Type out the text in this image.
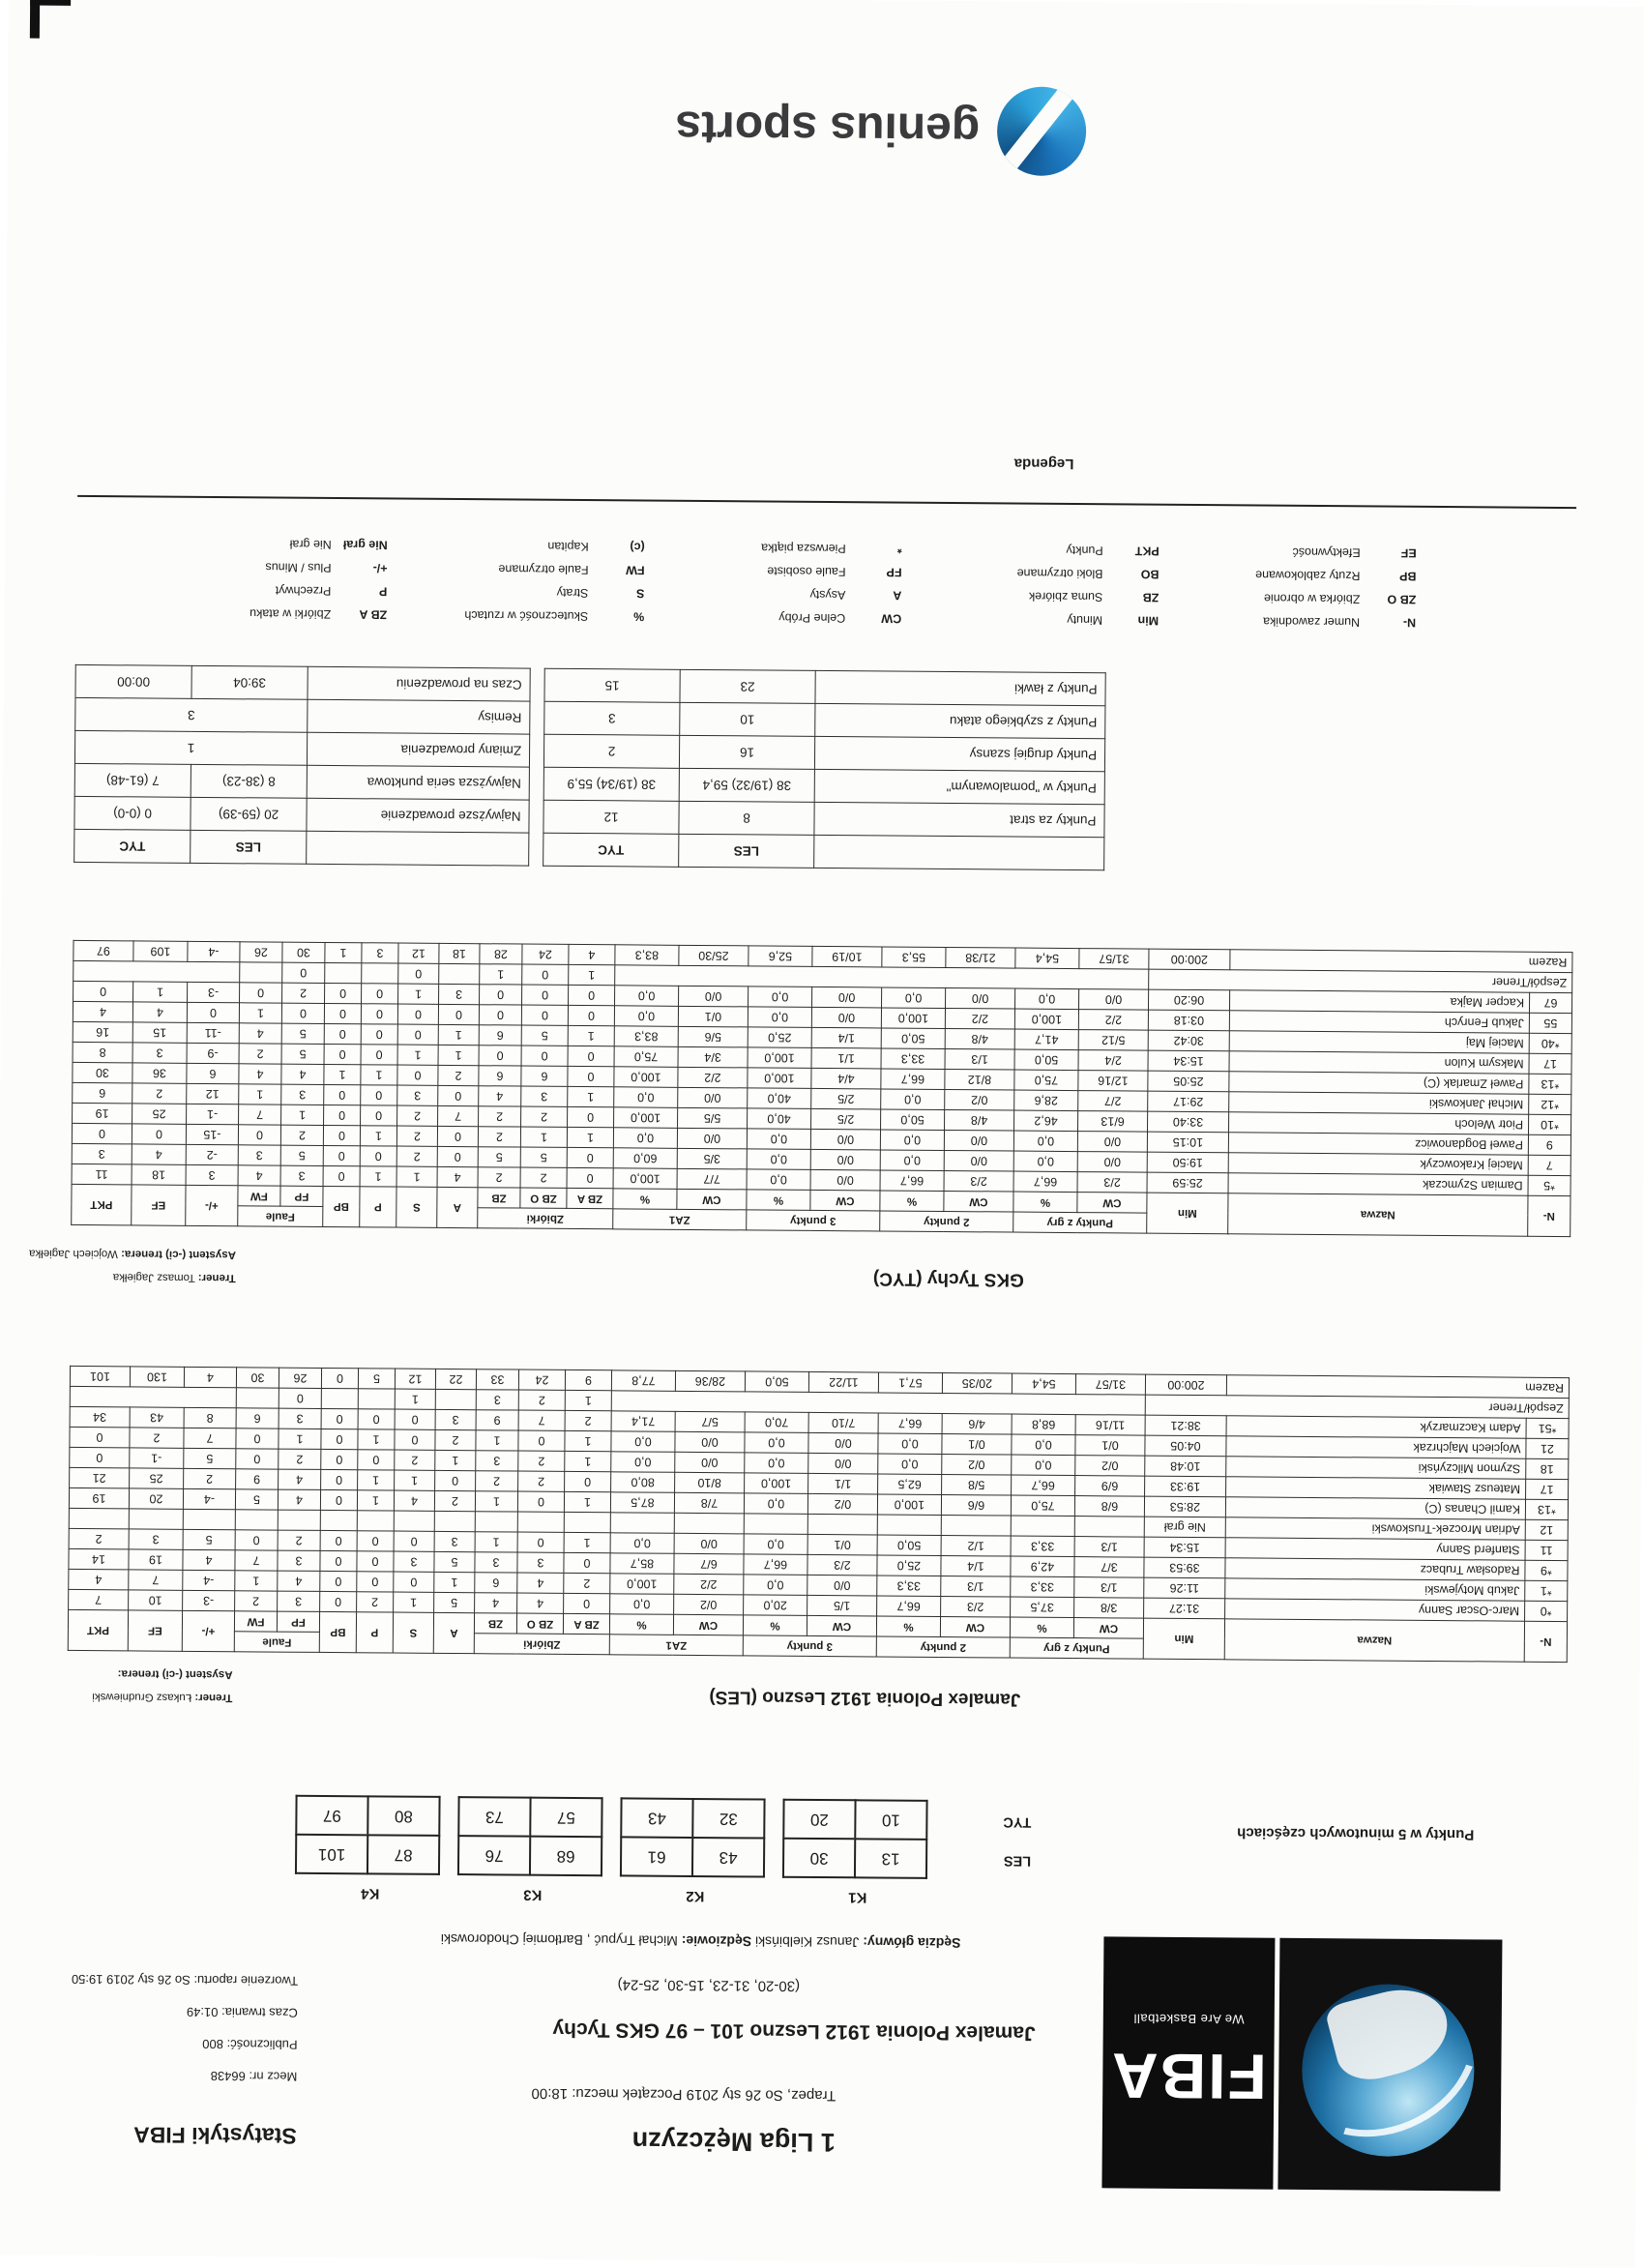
FIBA
We Are Basketball
1 Liga Mężczyzn
Trapez, So 26 sty 2019 Początek meczu: 18:00
Jamalex Polonia 1912 Leszno 101 – 97 GKS Tychy
(30-20, 31-23, 15-30, 25-24)
Sędzia główny: Janusz Kielbiński Sędziowie: Michał Trypuć , Bartłomiej Chodorowski
Statystyki FIBA
Mecz nr: 66438
Publiczność: 800
Czas trwania: 01:49
Tworzenie raportu: So 26 sty 2019 19:50
Punkty w 5 minutowych częściach
LES
TYC
K1
13	30
10	20
K2
43	61
32	43
K3
68	76
57	73
K4
87	101
80	97
Jamalex Polonia 1912 Leszno (LES)
Trener: Łukasz Grudniewski
Asystent (-ci) trenera:
N-	Nazwa	Min	Punkty z gry		2 punkty		3 punkty		ZA1		Zbiórki			A	S	P	BP	Faule		+/-	EF	PKT
			CW	%	CW	%	CW	%	CW	%	ZB A	ZB O	ZB					FP	FW			
*0	Marc-Oscar Sanny	31:27	3/8	37,5	2/3	66,7	1/5	20,0	0/2	0,0	0	4	4	5	1	2	0	3	2	-3	10	7
*1	Jakub Motyjewski	11:26	1/3	33,3	1/3	33,3	0/0	0,0	2/2	100,0	2	4	6	1	0	0	0	4	1	-4	7	4
*9	Radosław Trubacz	39:53	3/7	42,9	1/4	25,0	2/3	66,7	6/7	85,7	0	3	3	5	3	0	0	3	7	4	19	14
11	Stanferd Sanny	15:34	1/3	33,3	1/2	50,0	0/1	0,0	0/0	0,0	1	0	1	3	0	0	0	2	0	5	3	2
12	Adrian Mroczek-Truskowski	Nie grał																				
*13	Kamil Chanas (C)	28:53	6/8	75,0	6/6	100,0	0/2	0,0	7/8	87,5	1	0	1	2	4	1	0	4	5	-4	20	19
17	Mateusz Stawiak	19:33	6/9	66,7	5/8	62,5	1/1	100,0	8/10	80,0	0	2	2	0	1	1	0	4	9	2	25	21
18	Szymon Milczyński	10:48	0/2	0,0	0/2	0,0	0/0	0,0	0/0	0,0	1	2	3	1	2	0	0	2	0	5	-1	0
21	Wojciech Majchrzak	04:05	0/1	0,0	0/1	0,0	0/0	0,0	0/0	0,0	1	0	1	2	0	1	0	1	0	7	2	0
*51	Adam Kaczmarzyk	38:21	11/16	68,8	4/6	66,7	7/10	70,0	5/7	71,4	2	7	9	3	0	0	0	3	6	8	43	34
Zespół/Trener											1	2	3		1			0				
Razem		200:00	31/57	54,4	20/35	57,1	11/22	50,0	28/36	77,8	9	24	33	22	12	5	0	26	30	4	130	101
GKS Tychy (TYC)
Trener: Tomasz Jagiełka
Asystent (-ci) trenera: Wojciech Jagiełka
N-	Nazwa	Min	Punkty z gry		2 punkty		3 punkty		ZA1		Zbiórki			A	S	P	BP	Faule		+/-	EF	PKT
			CW	%	CW	%	CW	%	CW	%	ZB A	ZB O	ZB					FP	FW			
*5	Damian Szymczak	25:59	2/3	66,7	2/3	66,7	0/0	0,0	7/7	100,0	0	2	2	4	1	1	0	3	4	3	18	11
7	Maciej Krakowczyk	19:50	0/0	0,0	0/0	0,0	0/0	0,0	3/5	60,0	0	5	5	0	2	0	0	5	3	-2	4	3
9	Paweł Bogdanowicz	10:15	0/0	0,0	0/0	0,0	0/0	0,0	0/0	0,0	1	1	2	0	2	1	0	2	0	-15	0	0
*10	Piotr Weloch	33:40	6/13	46,2	4/8	50,0	2/5	40,0	5/5	100,0	0	2	2	7	2	0	0	1	7	-1	25	19
*12	Michał Jankowski	29:17	2/7	28,6	0/2	0,0	2/5	40,0	0/0	0,0	1	3	4	0	3	0	0	3	1	12	2	6
*13	Paweł Zmarlak (C)	25:05	12/16	75,0	8/12	66,7	4/4	100,0	2/2	100,0	0	6	6	2	0	1	1	4	4	6	36	30
17	Maksym Kulon	15:34	2/4	50,0	1/3	33,3	1/1	100,0	3/4	75,0	0	0	0	1	1	0	0	5	2	-9	3	8
*40	Maciej Maj	30:42	5/12	41,7	4/8	50,0	1/4	25,0	5/6	83,3	1	5	6	1	0	0	0	5	4	-11	15	16
55	Jakub Fenrych	03:18	2/2	100,0	2/2	100,0	0/0	0,0	0/1	0,0	0	0	0	0	0	0	0	0	1	0	4	4
67	Kacper Majka	06:20	0/0	0,0	0/0	0,0	0/0	0,0	0/0	0,0	0	0	0	3	1	0	0	2	0	-3	1	0
Zespół/Trener											1	0	1		0			0				
Razem		200:00	31/57	54,4	21/38	55,3	10/19	52,6	25/30	83,3	4	24	28	18	12	3	1	30	26	-4	109	97
	LES	TYC
Punkty za strat	8	12
Punkty w "pomalowanym"	38 (19/32) 59,4	38 (19/34) 55,9
Punkty drugiej szansy	16	2
Punkty z szybkiego ataku	10	3
Punkty z ławki	23	15
	LES	TYC
Najwyższe prowadzenie	20 (59-39)	0 (0-0)
Najwyższa seria punktowa	8 (38-23)	7 (61-48)
Zmiany prowadzenia	1	
Remisy	3	
Czas na prowadzeniu	39:04	00:00
N-
Numer zawodnika
Min
Minuty
CW
Celne Próby
%
Skuteczność w rzutach
ZB A
Zbiórki w ataku
ZB O
Zbiórka w obronie
ZB
Suma zbiórek
A
Asysty
S
Straty
P
Przechwyt
BP
Rzuty zablokowane
BO
Bloki otrzymane
FP
Faule osobiste
FW
Faule otrzymane
+/-
Plus / Minus
EF
Efektywność
PKT
Punkty
*
Pierwsza piątka
(c)
Kapitan
Nie grał
Nie grał
Legenda
genius sports
